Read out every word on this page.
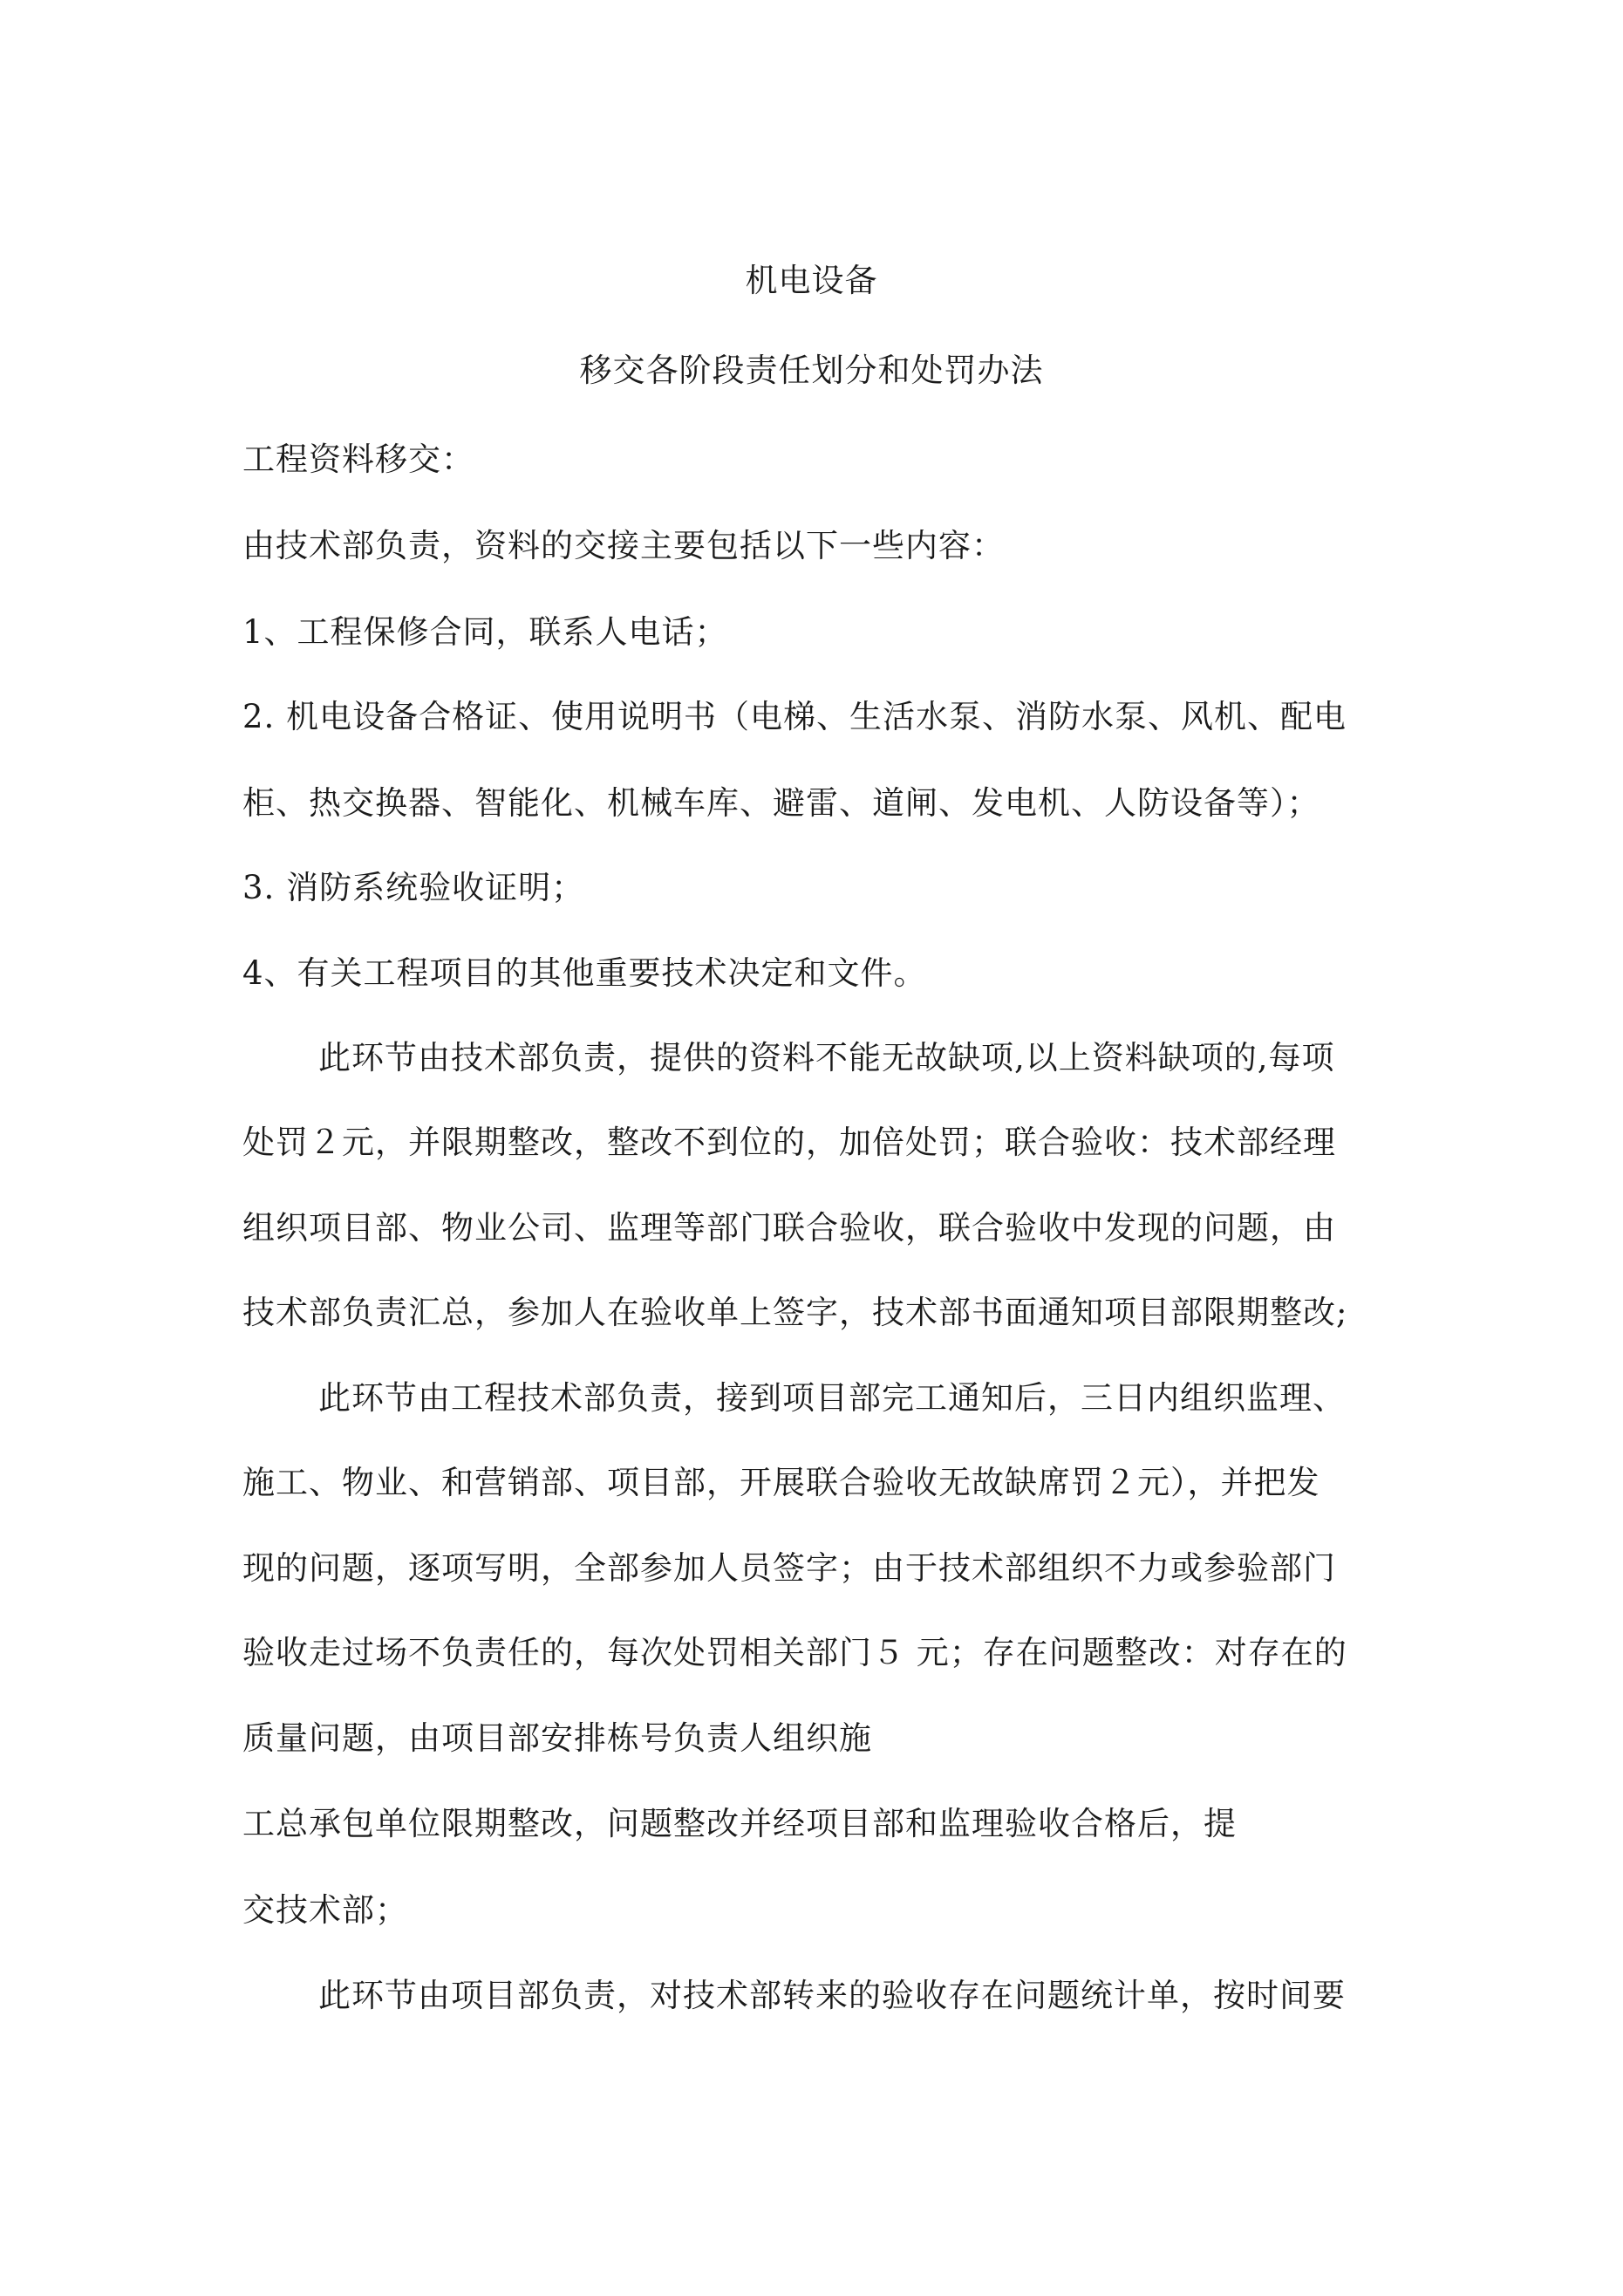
机电设备
移交各阶段责任划分和处罚办法
工程资料移交：
由技术部负责，资料的交接主要包括以下一些内容：
1、工程保修合同，联系人电话；
2. 机电设备合格证、使用说明书（电梯、生活水泵、消防水泵、风机、配电
柜、热交换器、智能化、机械车库、避雷、道闸、发电机、人防设备等）；
3. 消防系统验收证明；
4、有关工程项目的其他重要技术决定和文件。
此环节由技术部负责，提供的资料不能无故缺项,以上资料缺项的,每项
处罚２元，并限期整改，整改不到位的，加倍处罚；联合验收：技术部经理
组织项目部、物业公司、监理等部门联合验收，联合验收中发现的问题，由
技术部负责汇总，参加人在验收单上签字，技术部书面通知项目部限期整改;
此环节由工程技术部负责，接到项目部完工通知后，三日内组织监理、
施工、物业、和营销部、项目部，开展联合验收无故缺席罚２元），并把发
现的问题，逐项写明，全部参加人员签字；由于技术部组织不力或参验部门
验收走过场不负责任的，每次处罚相关部门５ 元；存在问题整改：对存在的
质量问题，由项目部安排栋号负责人组织施
工总承包单位限期整改，问题整改并经项目部和监理验收合格后，提
交技术部；
此环节由项目部负责，对技术部转来的验收存在问题统计单，按时间要
